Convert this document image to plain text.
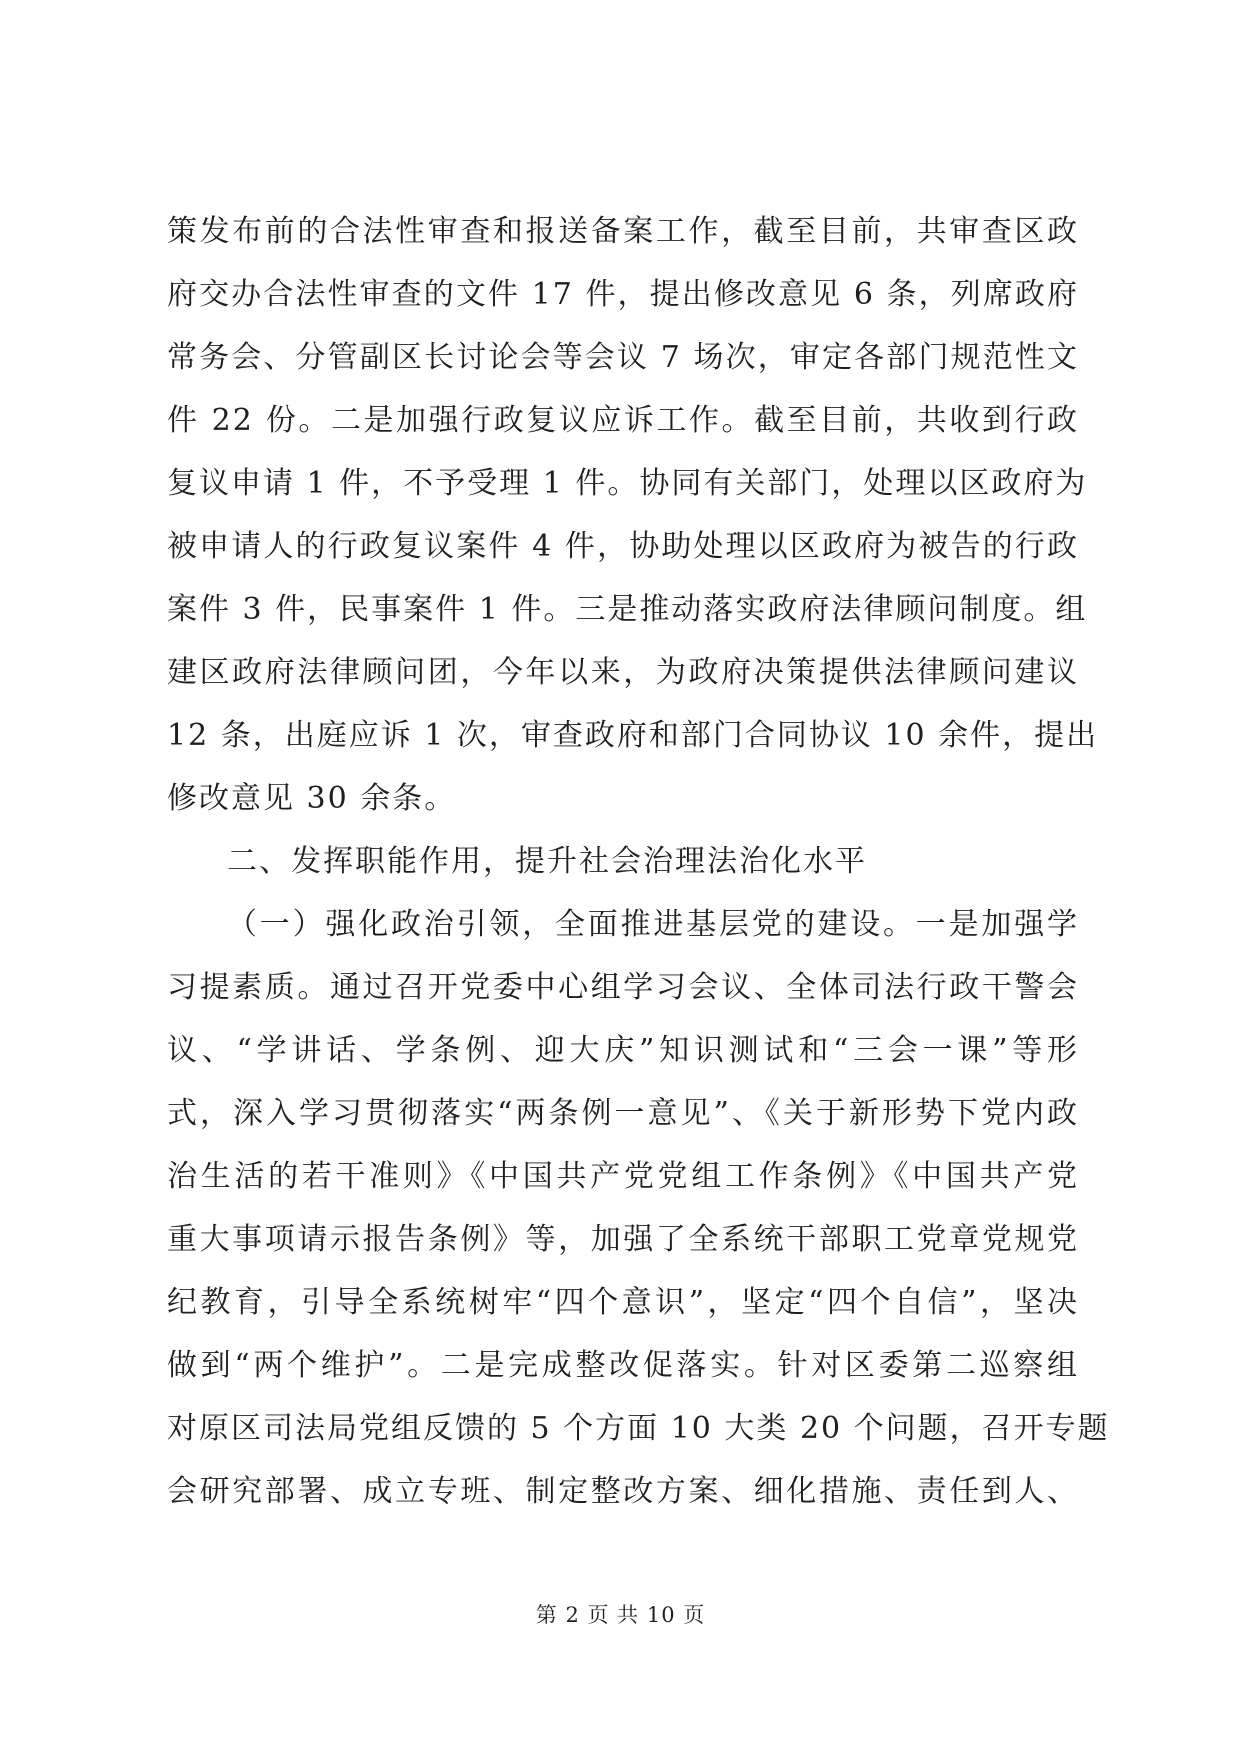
策发布前的合法性审查和报送备案工作，截至目前，共审查区政
府交办合法性审查的文件 17 件，提出修改意见 6 条，列席政府
常务会、分管副区长讨论会等会议 7 场次，审定各部门规范性文
件 22 份。二是加强行政复议应诉工作。截至目前，共收到行政
复议申请 1 件，不予受理 1 件。协同有关部门，处理以区政府为
被申请人的行政复议案件 4 件，协助处理以区政府为被告的行政
案件 3 件，民事案件 1 件。三是推动落实政府法律顾问制度。组
建区政府法律顾问团，今年以来，为政府决策提供法律顾问建议
12 条，出庭应诉 1 次，审查政府和部门合同协议 10 余件，提出
修改意见 30 余条。
二、发挥职能作用，提升社会治理法治化水平
（一）强化政治引领，全面推进基层党的建设。一是加强学
习提素质。通过召开党委中心组学习会议、全体司法行政干警会
议、“学讲话、学条例、迎大庆”知识测试和“三会一课”等形
式，深入学习贯彻落实“两条例一意见”、《关于新形势下党内政
治生活的若干准则》《中国共产党党组工作条例》《中国共产党
重大事项请示报告条例》等，加强了全系统干部职工党章党规党
纪教育，引导全系统树牢“四个意识”，坚定“四个自信”，坚决
做到“两个维护”。二是完成整改促落实。针对区委第二巡察组
对原区司法局党组反馈的 5 个方面 10 大类 20 个问题，召开专题
会研究部署、成立专班、制定整改方案、细化措施、责任到人、
第 2 页 共 10 页
